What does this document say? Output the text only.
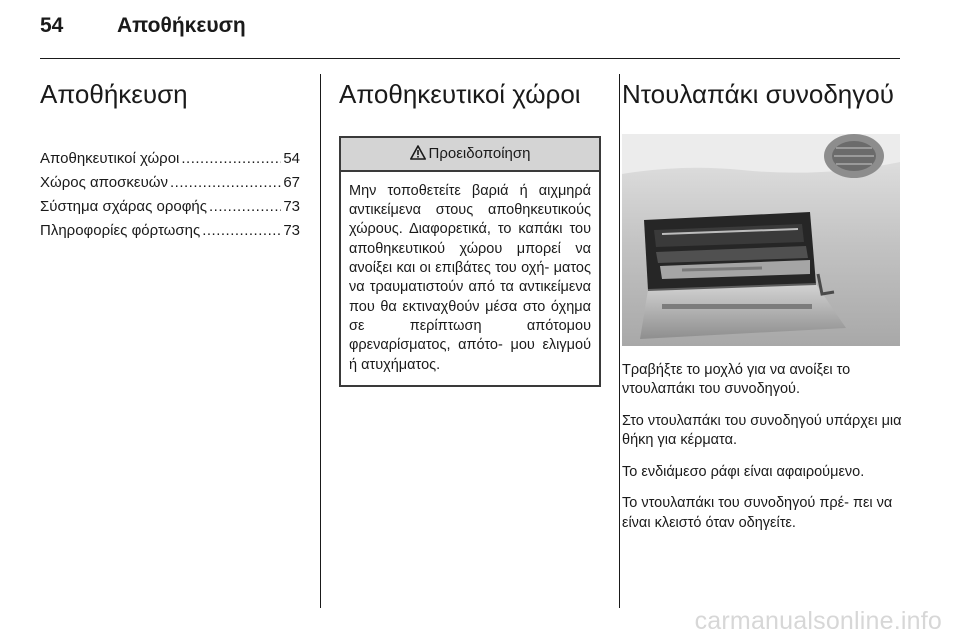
54	Αποθήκευση
Αποθήκευση
Αποθηκευτικοί χώροι .....	54
Χώρος αποσκευών .....	67
Σύστημα σχάρας οροφής .....	73
Πληροφορίες φόρτωσης .....	73
Αποθηκευτικοί χώροι
Προειδοποίηση
Μην τοποθετείτε βαριά ή αιχμηρά αντικείμενα στους αποθηκευτικούς χώρους. Διαφορετικά, το καπάκι του αποθηκευτικού χώρου μπορεί να ανοίξει και οι επιβάτες του οχή- ματος να τραυματιστούν από τα αντικείμενα που θα εκτιναχθούν μέσα στο όχημα σε περίπτωση απότομου φρεναρίσματος, απότο- μου ελιγμού ή ατυχήματος.
Ντουλαπάκι συνοδηγού

Τραβήξτε το μοχλό για να ανοίξει το ντουλαπάκι του συνοδηγού.

Στο ντουλαπάκι του συνοδηγού υπάρχει μια θήκη για κέρματα.

Το ενδιάμεσο ράφι είναι αφαιρούμενο.

Το ντουλαπάκι του συνοδηγού πρέ- πει να είναι κλειστό όταν οδηγείτε.

carmanualsonline.info
